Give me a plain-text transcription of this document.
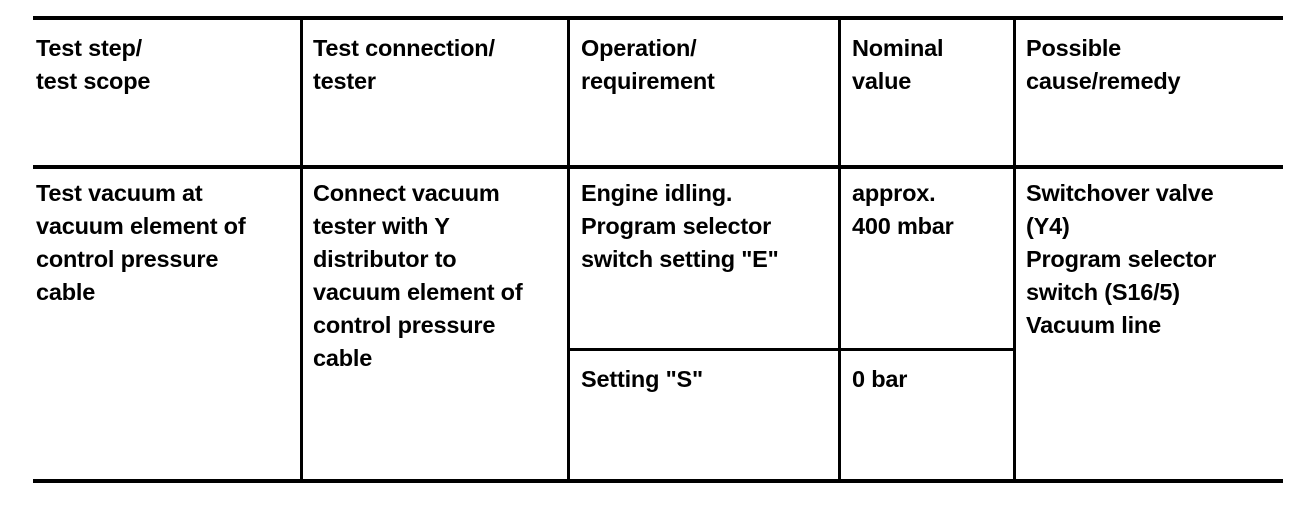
Test step/
test scope
Test connection/
tester
Operation/
requirement
Nominal
value
Possible
cause/remedy
Test vacuum at
vacuum element of
control pressure
cable
Connect vacuum
tester with Y
distributor to
vacuum element of
control pressure
cable
Engine idling.
Program selector
switch setting "E"
approx.
400 mbar
Switchover valve
(Y4)
Program selector
switch (S16/5)
Vacuum line
Setting "S"	0 bar
